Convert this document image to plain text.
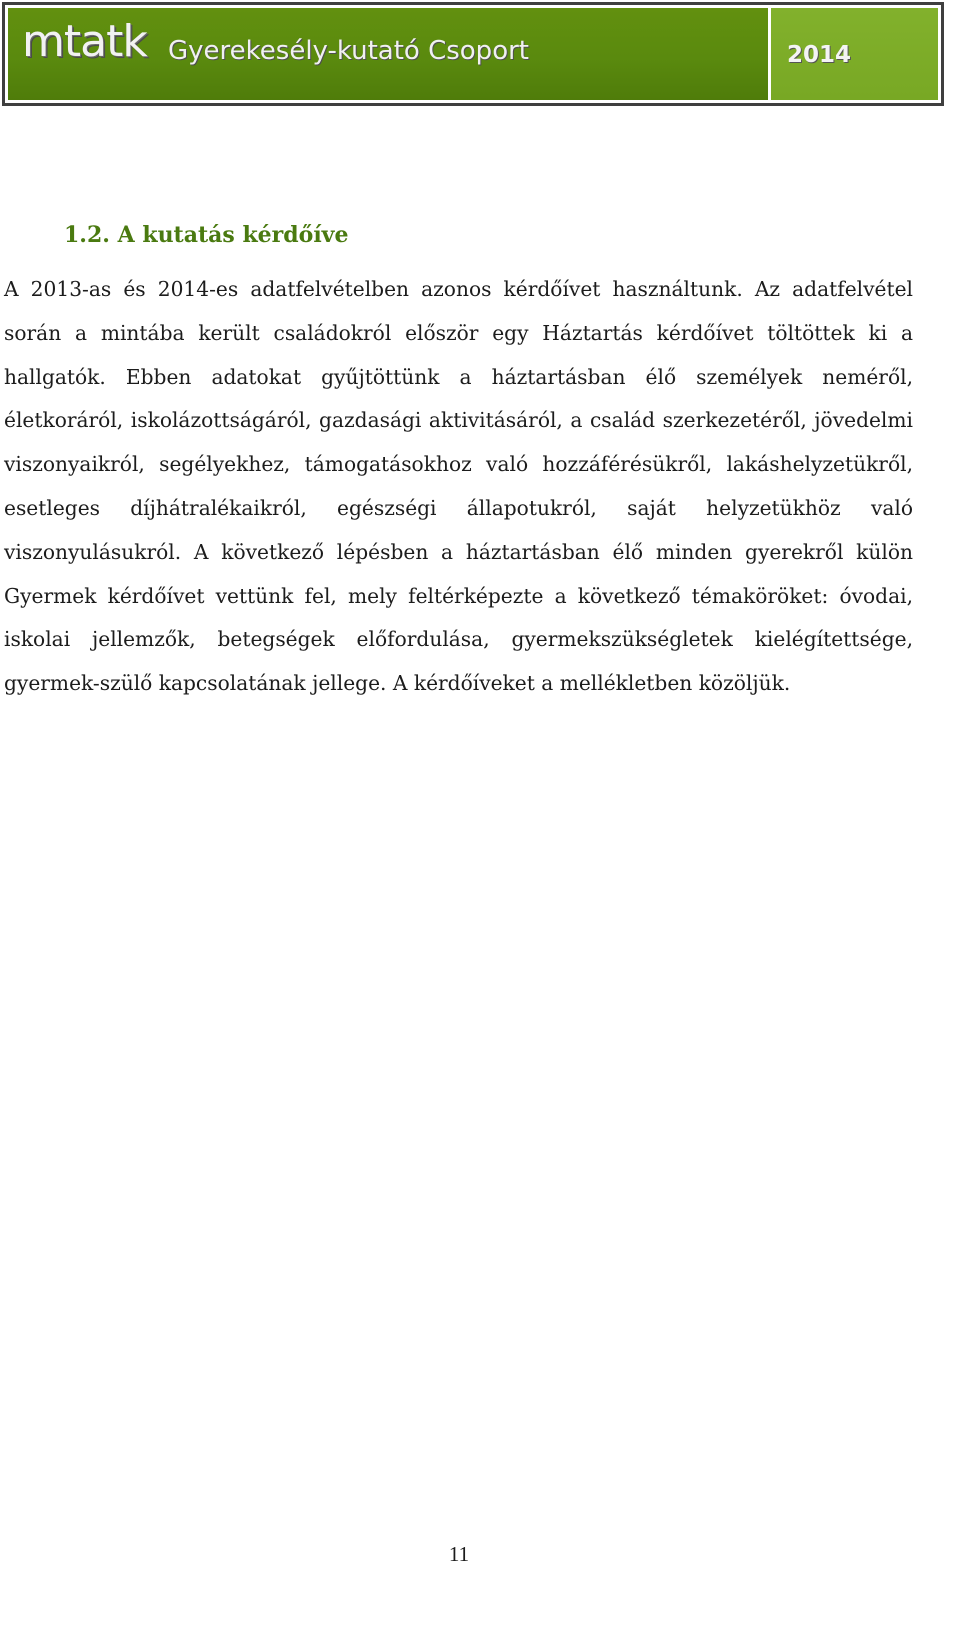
mtatk Gyerekesély-kutató Csoport	2014
1.2. A kutatás kérdőíve

A 2013-as és 2014-es adatfelvételben azonos kérdőívet használtunk. Az adatfelvétel során a mintába került családokról először egy Háztartás kérdőívet töltöttek ki a hallgatók. Ebben adatokat gyűjtöttünk a háztartásban élő személyek neméről, életkoráról, iskolázottságáról, gazdasági aktivitásáról, a család szerkezetéről, jövedelmi viszonyaikról, segélyekhez, támogatásokhoz való hozzáférésükről, lakáshelyzetükről, esetleges díjhátralékaikról, egészségi állapotukról, saját helyzetükhöz való viszonyulásukról. A következő lépésben a háztartásban élő minden gyerekről külön Gyermek kérdőívet vettünk fel, mely feltérképezte a következő témaköröket: óvodai, iskolai jellemzők, betegségek előfordulása, gyermekszükségletek kielégítettsége, gyermek-szülő kapcsolatának jellege. A kérdőíveket a mellékletben közöljük.

11
